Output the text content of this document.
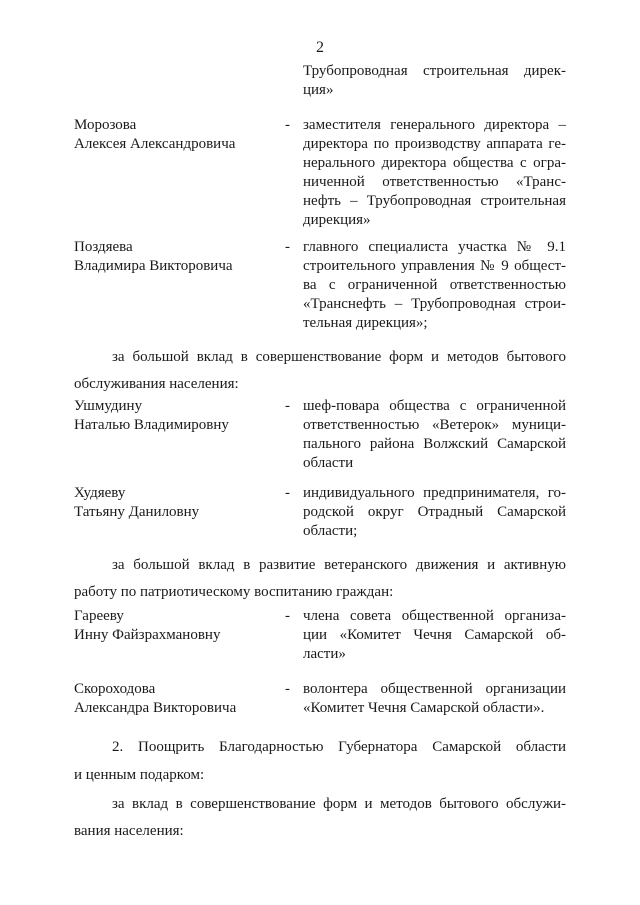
2
Трубопроводная строительная дирек-
ция»
Морозова
Алексея Александровича
- заместителя генерального директора –
директора по производству аппарата ге-
нерального директора общества с огра-
ниченной ответственностью «Транс-
нефть – Трубопроводная строительная
дирекция»
Поздяева
Владимира Викторовича
- главного специалиста участка № 9.1
строительного управления № 9 общест-
ва с ограниченной ответственностью
«Транснефть – Трубопроводная строи-
тельная дирекция»;
за большой вклад в совершенствование форм и методов бытового
обслуживания населения:
Ушмудину
Наталью Владимировну
- шеф-повара общества с ограниченной
ответственностью «Ветерок» муници-
пального района Волжский Самарской
области
Худяеву
Татьяну Даниловну
- индивидуального предпринимателя, го-
родской округ Отрадный Самарской
области;
за большой вклад в развитие ветеранского движения и активную
работу по патриотическому воспитанию граждан:
Гарееву
Инну Файзрахмановну
- члена совета общественной организа-
ции «Комитет Чечня Самарской об-
ласти»
Скороходова
Александра Викторовича
- волонтера общественной организации
«Комитет Чечня Самарской области».
2. Поощрить Благодарностью Губернатора Самарской области
и ценным подарком:
за вклад в совершенствование форм и методов бытового обслужи-
вания населения:
